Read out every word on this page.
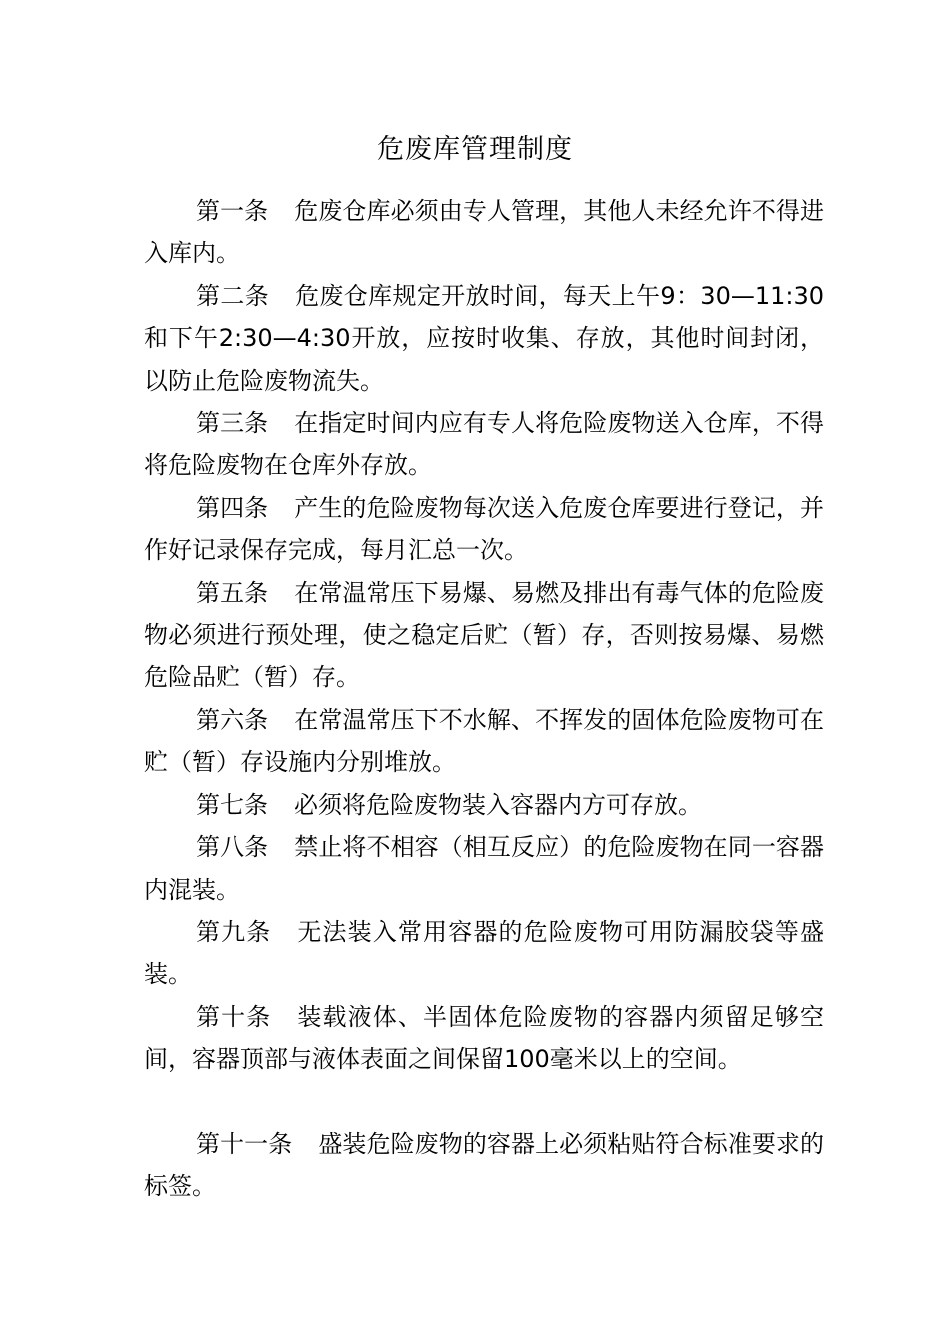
危废库管理制度

第一条 危废仓库必须由专人管理，其他人未经允许不得进入库内。

第二条 危废仓库规定开放时间，每天上午9：30—11:30和下午2:30—4:30开放，应按时收集、存放，其他时间封闭，以防止危险废物流失。

第三条 在指定时间内应有专人将危险废物送入仓库，不得将危险废物在仓库外存放。

第四条 产生的危险废物每次送入危废仓库要进行登记，并作好记录保存完成，每月汇总一次。

第五条 在常温常压下易爆、易燃及排出有毒气体的危险废物必须进行预处理，使之稳定后贮（暂）存，否则按易爆、易燃危险品贮（暂）存。

第六条 在常温常压下不水解、不挥发的固体危险废物可在贮（暂）存设施内分别堆放。

第七条 必须将危险废物装入容器内方可存放。

第八条 禁止将不相容（相互反应）的危险废物在同一容器内混装。

第九条 无法装入常用容器的危险废物可用防漏胶袋等盛装。

第十条 装载液体、半固体危险废物的容器内须留足够空间，容器顶部与液体表面之间保留100毫米以上的空间。

第十一条 盛装危险废物的容器上必须粘贴符合标准要求的标签。
